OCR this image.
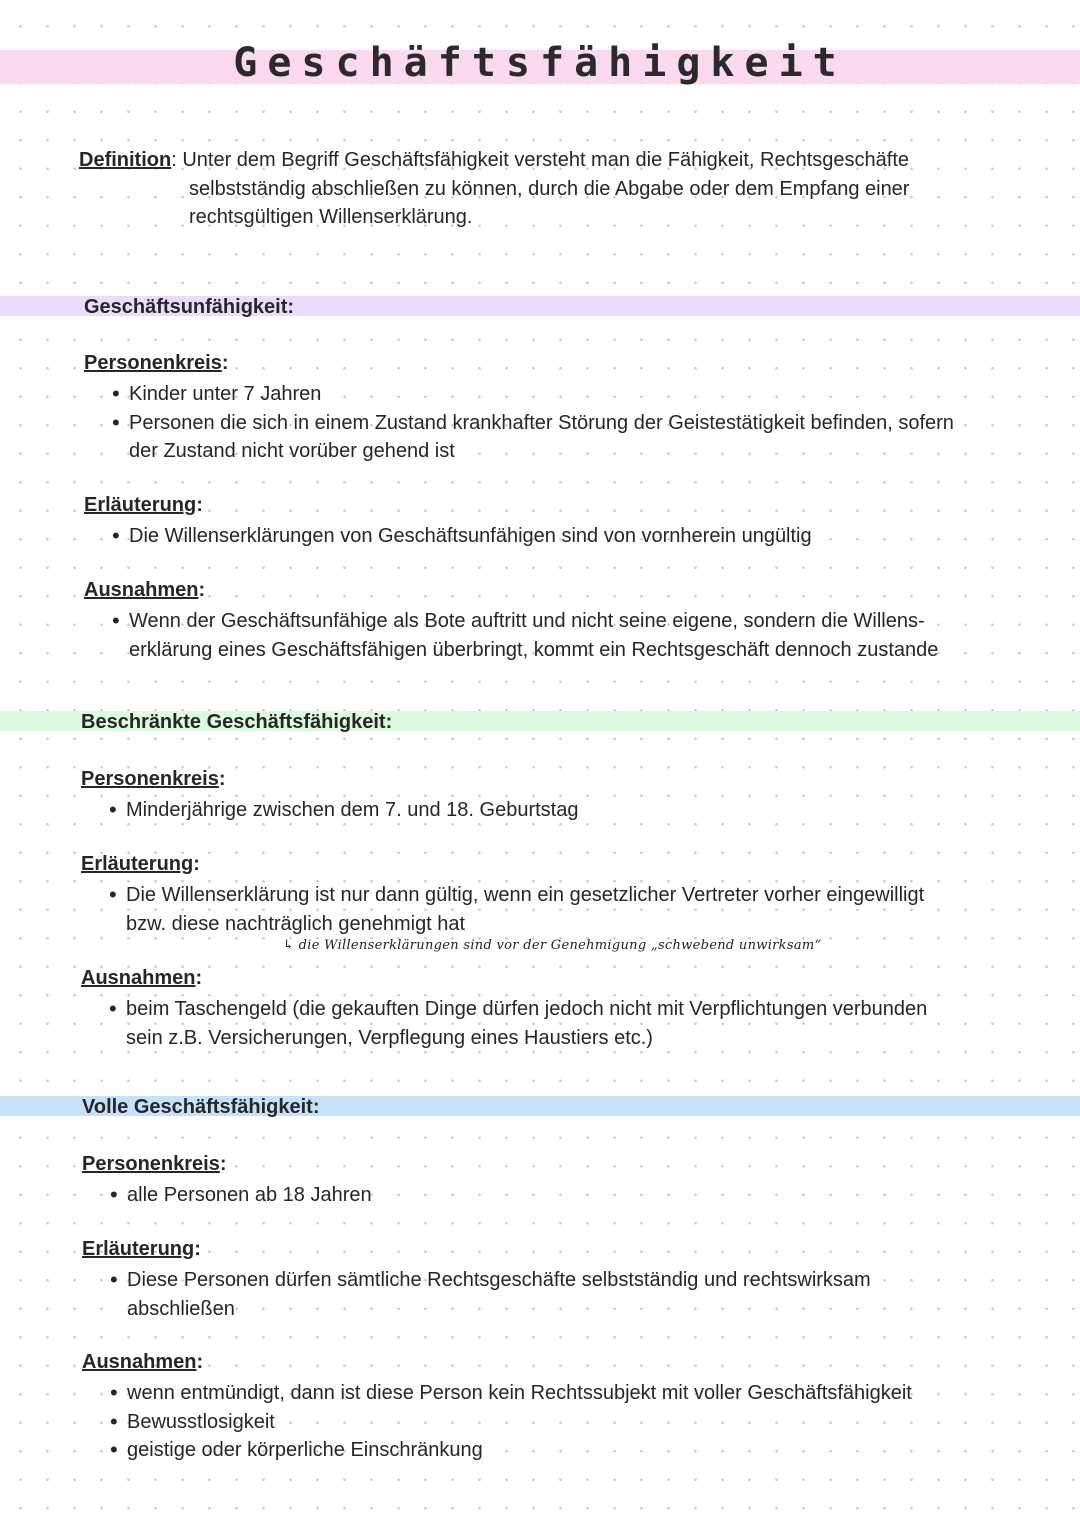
Geschäftsfähigkeit
Definition: Unter dem Begriff Geschäftsfähigkeit versteht man die Fähigkeit, Rechtsgeschäfte
selbstständig abschließen zu können, durch die Abgabe oder dem Empfang einer
rechtsgültigen Willenserklärung.
Geschäftsunfähigkeit:
Personenkreis:
• Kinder unter 7 Jahren
• Personen die sich in einem Zustand krankhafter Störung der Geistestätigkeit befinden, sofern
der Zustand nicht vorüber gehend ist
Erläuterung:
• Die Willenserklärungen von Geschäftsunfähigen sind von vornherein ungültig
Ausnahmen:
• Wenn der Geschäftsunfähige als Bote auftritt und nicht seine eigene, sondern die Willens-
erklärung eines Geschäftsfähigen überbringt, kommt ein Rechtsgeschäft dennoch zustande
Beschränkte Geschäftsfähigkeit:
Personenkreis:
• Minderjährige zwischen dem 7. und 18. Geburtstag
Erläuterung:
• Die Willenserklärung ist nur dann gültig, wenn ein gesetzlicher Vertreter vorher eingewilligt
bzw. diese nachträglich genehmigt hat
↳ die Willenserklärungen sind vor der Genehmigung „schwebend unwirksam“
Ausnahmen:
• beim Taschengeld (die gekauften Dinge dürfen jedoch nicht mit Verpflichtungen verbunden
sein z.B. Versicherungen, Verpflegung eines Haustiers etc.)
Volle Geschäftsfähigkeit:
Personenkreis:
• alle Personen ab 18 Jahren
Erläuterung:
• Diese Personen dürfen sämtliche Rechtsgeschäfte selbstständig und rechtswirksam
abschließen
Ausnahmen:
• wenn entmündigt, dann ist diese Person kein Rechtssubjekt mit voller Geschäftsfähigkeit
• Bewusstlosigkeit
• geistige oder körperliche Einschränkung
